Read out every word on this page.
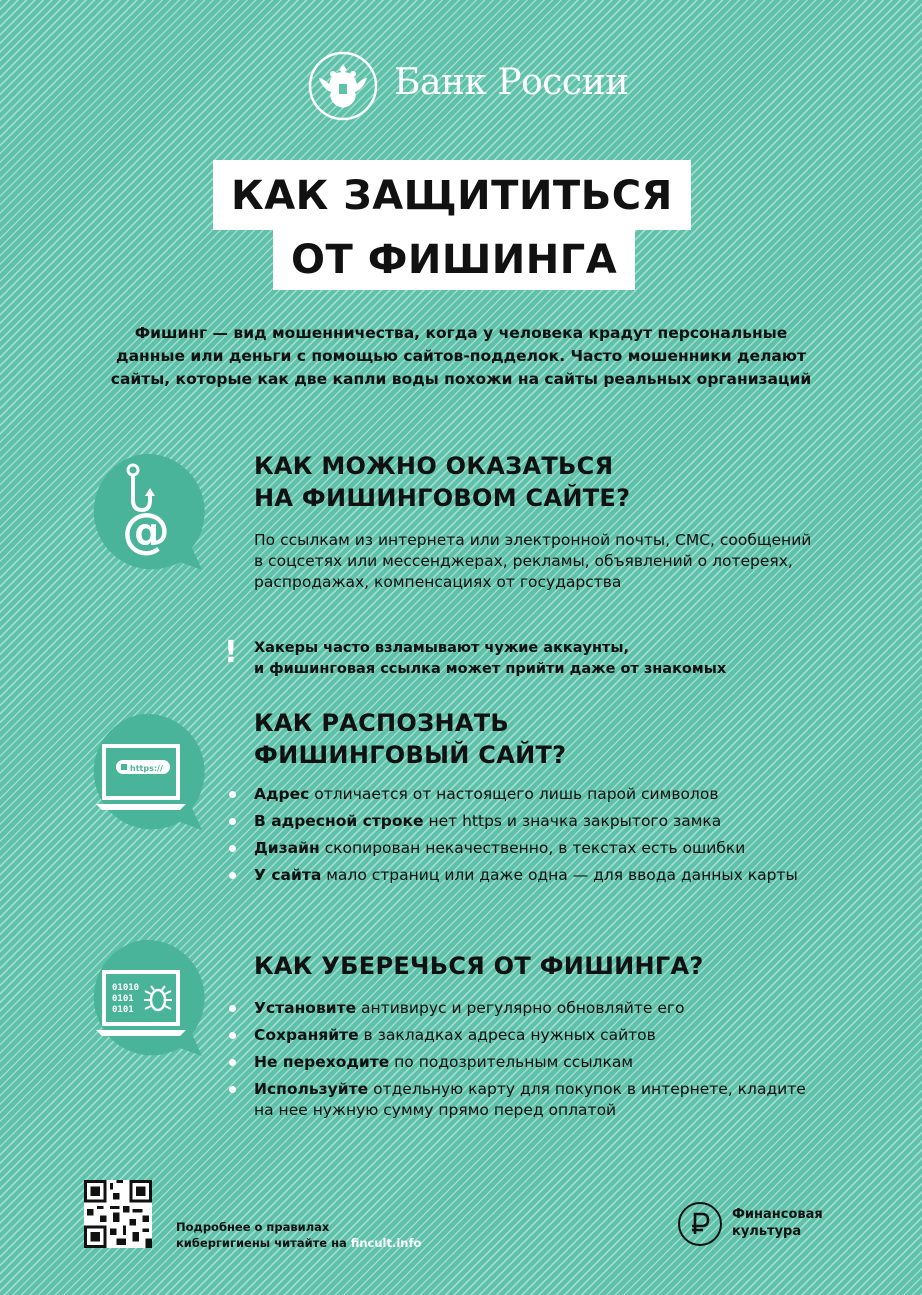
Банк России
КАК ЗАЩИТИТЬСЯ
ОТ ФИШИНГА
Фишинг — вид мошенничества, когда у человека крадут персональные данные или деньги с помощью сайтов-подделок. Часто мошенники делают сайты, которые как две капли воды похожи на сайты реальных организаций
@
КАК МОЖНО ОКАЗАТЬСЯ
НА ФИШИНГОВОМ САЙТЕ?
По ссылкам из интернета или электронной почты, СМС, сообщений в соцсетях или мессенджерах, рекламы, объявлений о лотереях, распродажах, компенсациях от государства
! Хакеры часто взламывают чужие аккаунты,
и фишинговая ссылка может прийти даже от знакомых
https://
КАК РАСПОЗНАТЬ
ФИШИНГОВЫЙ САЙТ?
Адрес отличается от настоящего лишь парой символов
В адресной строке нет https и значка закрытого замка
Дизайн скопирован некачественно, в текстах есть ошибки
У сайта мало страниц или даже одна — для ввода данных карты
01010
0101
0101
КАК УБЕРЕЧЬСЯ ОТ ФИШИНГА?
Установите антивирус и регулярно обновляйте его
Сохраняйте в закладках адреса нужных сайтов
Не переходите по подозрительным ссылкам
Используйте отдельную карту для покупок в интернете, кладите на нее нужную сумму прямо перед оплатой
Подробнее о правилах
кибергигиены читайте на fincult.info
Финансовая
культура
